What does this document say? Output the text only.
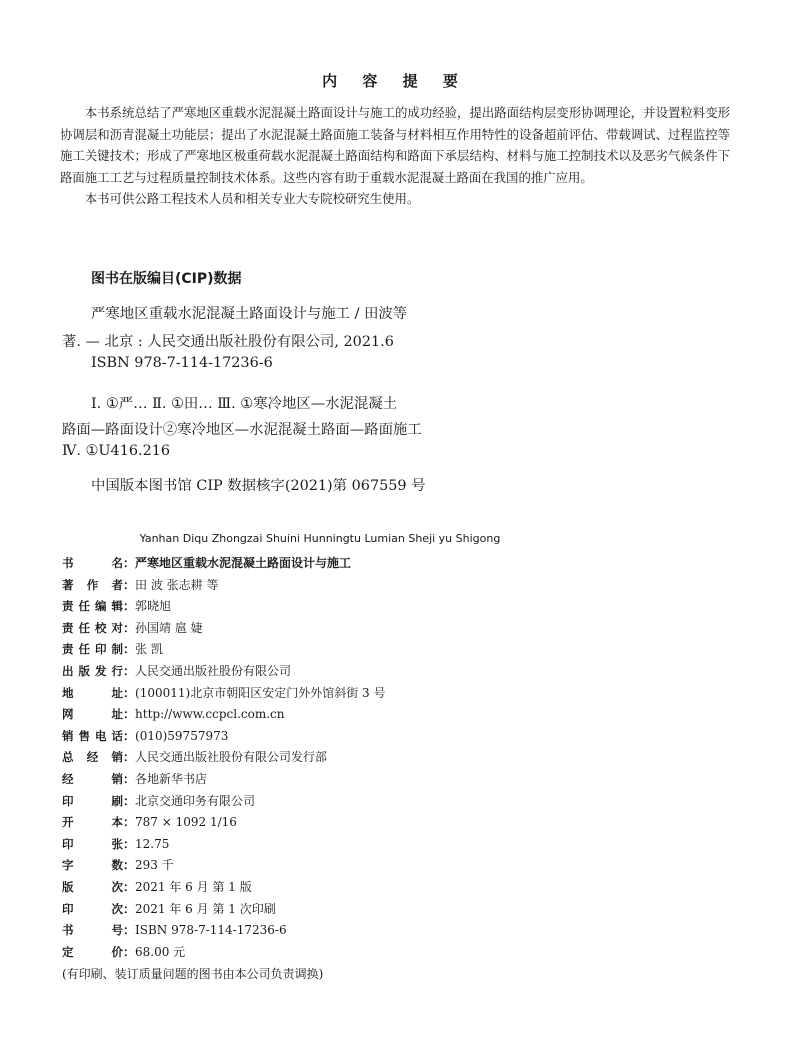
内 容 提 要

本书系统总结了严寒地区重载水泥混凝土路面设计与施工的成功经验，提出路面结构层变形协调理论，并设置粒料变形协调层和沥青混凝土功能层；提出了水泥混凝土路面施工装备与材料相互作用特性的设备超前评估、带载调试、过程监控等施工关键技术；形成了严寒地区极重荷载水泥混凝土路面结构和路面下承层结构、材料与施工控制技术以及恶劣气候条件下路面施工工艺与过程质量控制技术体系。这些内容有助于重载水泥混凝土路面在我国的推广应用。

本书可供公路工程技术人员和相关专业大专院校研究生使用。

图书在版编目(CIP)数据
严寒地区重载水泥混凝土路面设计与施工 / 田波等
著. — 北京 : 人民交通出版社股份有限公司, 2021.6
ISBN 978-7-114-17236-6
Ⅰ. ①严… Ⅱ. ①田… Ⅲ. ①寒冷地区—水泥混凝土
路面—路面设计②寒冷地区—水泥混凝土路面—路面施工
Ⅳ. ①U416.216
中国版本图书馆 CIP 数据核字(2021)第 067559 号
Yanhan Diqu Zhongzai Shuini Hunningtu Lumian Sheji yu Shigong
书	名 ： 严寒地区重载水泥混凝土路面设计与施工
著 作 者 ： 田 波 张志耕 等
责 任 编 辑 ： 郭晓旭
责 任 校 对 ： 孙国靖 扈 婕
责 任 印 制 ： 张 凯
出 版 发 行 ： 人民交通出版社股份有限公司
地	址 ： (100011)北京市朝阳区安定门外外馆斜街 3 号
网	址 ： http://www.ccpcl.com.cn
销 售 电 话 ： (010)59757973
总 经 销 ： 人民交通出版社股份有限公司发行部
经	销 ： 各地新华书店
印	刷 ： 北京交通印务有限公司
开	本 ： 787 × 1092 1/16
印	张 ： 12.75
字	数 ： 293 千
版	次 ： 2021 年 6 月 第 1 版
印	次 ： 2021 年 6 月 第 1 次印刷
书	号 ： ISBN 978-7-114-17236-6
定	价 ： 68.00 元
(有印刷、装订质量问题的图书由本公司负责调换)
